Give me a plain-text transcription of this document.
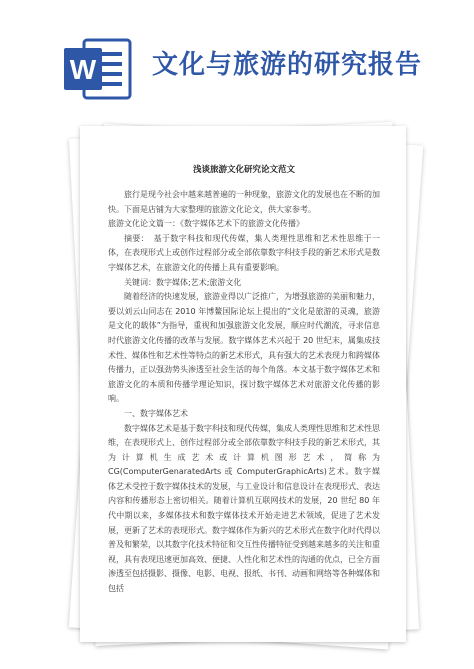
W 文化与旅游的研究报告
浅谈旅游文化研究论文范文

旅行是现今社会中越来越普遍的一种现象，旅游文化的发展也在不断的加快。下面是店铺为大家整理的旅游文化论文，供大家参考。

旅游文化论文篇一：《数字媒体艺术下的旅游文化传播》

摘要：　基于数字科技和现代传媒，集人类理性思维和艺术性思维于一体，在表现形式上或创作过程部分或全部依靠数字科技手段的新艺术形式是数字媒体艺术，在旅游文化的传播上具有重要影响。

关键词：数字媒体;艺术;旅游文化

随着经济的快速发展，旅游业得以广泛推广，为增强旅游的美丽和魅力，要以刘云山同志在 2010 年博鳌国际论坛上提出的“文化是旅游的灵魂，旅游是文化的载体”为指导，重视和加强旅游文化发展，顺应时代潮流，寻求信息时代旅游文化传播的改革与发展。数字媒体艺术兴起于 20 世纪末，属集成技术性、媒体性和艺术性等特点的新艺术形式，具有强大的艺术表现力和跨媒体传播力，正以强劲势头渗透至社会生活的每个角落。本文基于数字媒体艺术和旅游文化的本质和传播学理论知识，探讨数字媒体艺术对旅游文化传播的影响。

一、数字媒体艺术

数字媒体艺术是基于数字科技和现代传媒，集成人类理性思维和艺术性思维，在表现形式上、创作过程部分或全部依靠数字科技手段的新艺术形式，其为计算机生成艺术或计算机图形艺术，简称为 CG(ComputerGenaratedArts 或 ComputerGraphicArts)艺术。数字媒体艺术受控于数字媒体技术的发展，与工业设计和信息设计在表现形式、表达内容和传播形态上密切相关。随着计算机互联网技术的发展，20 世纪 80 年代中期以来，多媒体技术和数字媒体技术开始走进艺术领域，促进了艺术发展，更新了艺术的表现形式。数字媒体作为新兴的艺术形式在数字化时代得以普及和繁荣，以其数字化技术特征和交互性传播特征受到越来越多的关注和重视，具有表现迅速更加高效、便捷、人性化和艺术性的沟通的优点，已全方面渗透至包括摄影、摄像、电影、电视、报纸、书刊、动画和网络等各种媒体和包括
